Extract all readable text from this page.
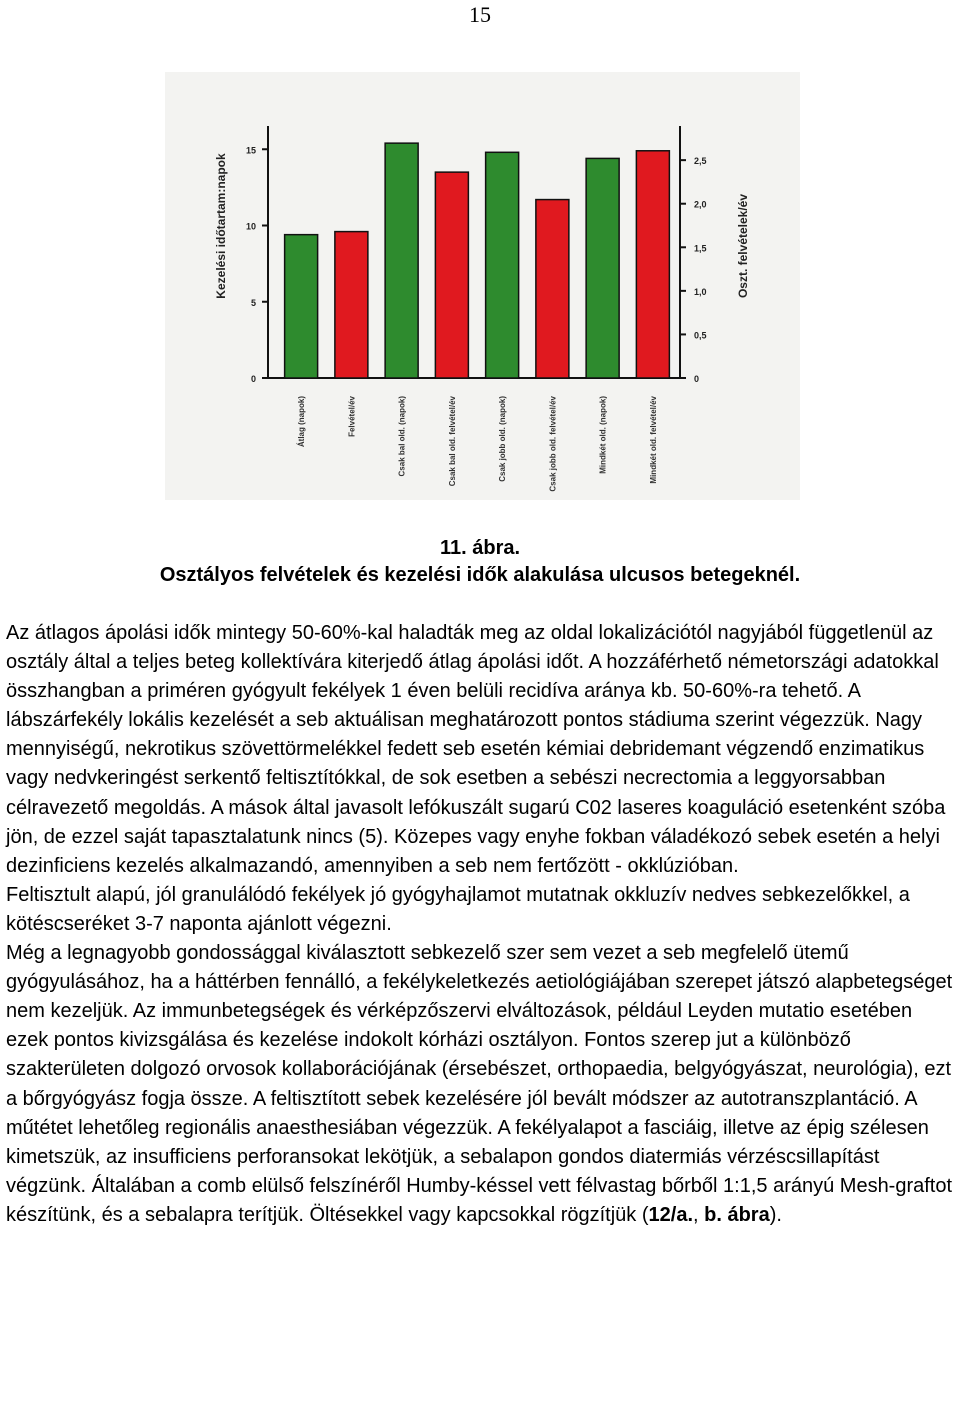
15
0
5
10
15
0
0,5
1,0
1,5
2,0
2,5
Kezelési időtartam:napok	Oszt. felvételek/év
Átlag (napok)	Felvétel/év	Csak bal old. (napok)	Csak bal old. felvétel/év	Csak jobb old. (napok)	Csak jobb old. felvétel/év	Mindkét old. (napok)	Mindkét old. felvétel/év
11. ábra.
Osztályos felvételek és kezelési idők alakulása ulcusos betegeknél.

Az átlagos ápolási idők mintegy 50-60%-kal haladták meg az oldal lokalizációtól nagyjából függetlenül az osztály által a teljes beteg kollektívára kiterjedő átlag ápolási időt. A hozzáférhető németországi adatokkal összhangban a priméren gyógyult fekélyek 1 éven belüli recidíva aránya kb. 50-60%-ra tehető. A lábszárfekély lokális kezelését a seb aktuálisan meghatározott pontos stádiuma szerint végezzük. Nagy mennyiségű, nekrotikus szövettörmelékkel fedett seb esetén kémiai debridemant végzendő enzimatikus vagy nedvkeringést serkentő feltisztítókkal, de sok esetben a sebészi necrectomia a leggyorsabban célravezető megoldás. A mások által javasolt lefókuszált sugarú C02 laseres koaguláció esetenként szóba jön, de ezzel saját tapasztalatunk nincs (5). Közepes vagy enyhe fokban váladékozó sebek esetén a helyi dezinficiens kezelés alkalmazandó, amennyiben a seb nem fertőzött - okklúzióban.

Feltisztult alapú, jól granulálódó fekélyek jó gyógyhajlamot mutatnak okkluzív nedves sebkezelőkkel, a kötéscseréket 3-7 naponta ajánlott végezni.

Még a legnagyobb gondossággal kiválasztott sebkezelő szer sem vezet a seb megfelelő ütemű gyógyulásához, ha a háttérben fennálló, a fekélykeletkezés aetiológiájában szerepet játszó alapbetegséget nem kezeljük. Az immunbetegségek és vérképzőszervi elváltozások, például Leyden mutatio esetében ezek pontos kivizsgálása és kezelése indokolt kórházi osztályon. Fontos szerep jut a különböző szakterületen dolgozó orvosok kollaborációjának (érsebészet, orthopaedia, belgyógyászat, neurológia), ezt a bőrgyógyász fogja össze. A feltisztított sebek kezelésére jól bevált módszer az autotranszplantáció. A műtétet lehetőleg regionális anaesthesiában végezzük. A fekélyalapot a fasciáig, illetve az épig szélesen kimetszük, az insufficiens perforansokat lekötjük, a sebalapon gondos diatermiás vérzéscsillapítást végzünk. Általában a comb elülső felszínéről Humby-késsel vett félvastag bőrből 1:1,5 arányú Mesh-graftot készítünk, és a sebalapra terítjük. Öltésekkel vagy kapcsokkal rögzítjük (12/a., b. ábra).
